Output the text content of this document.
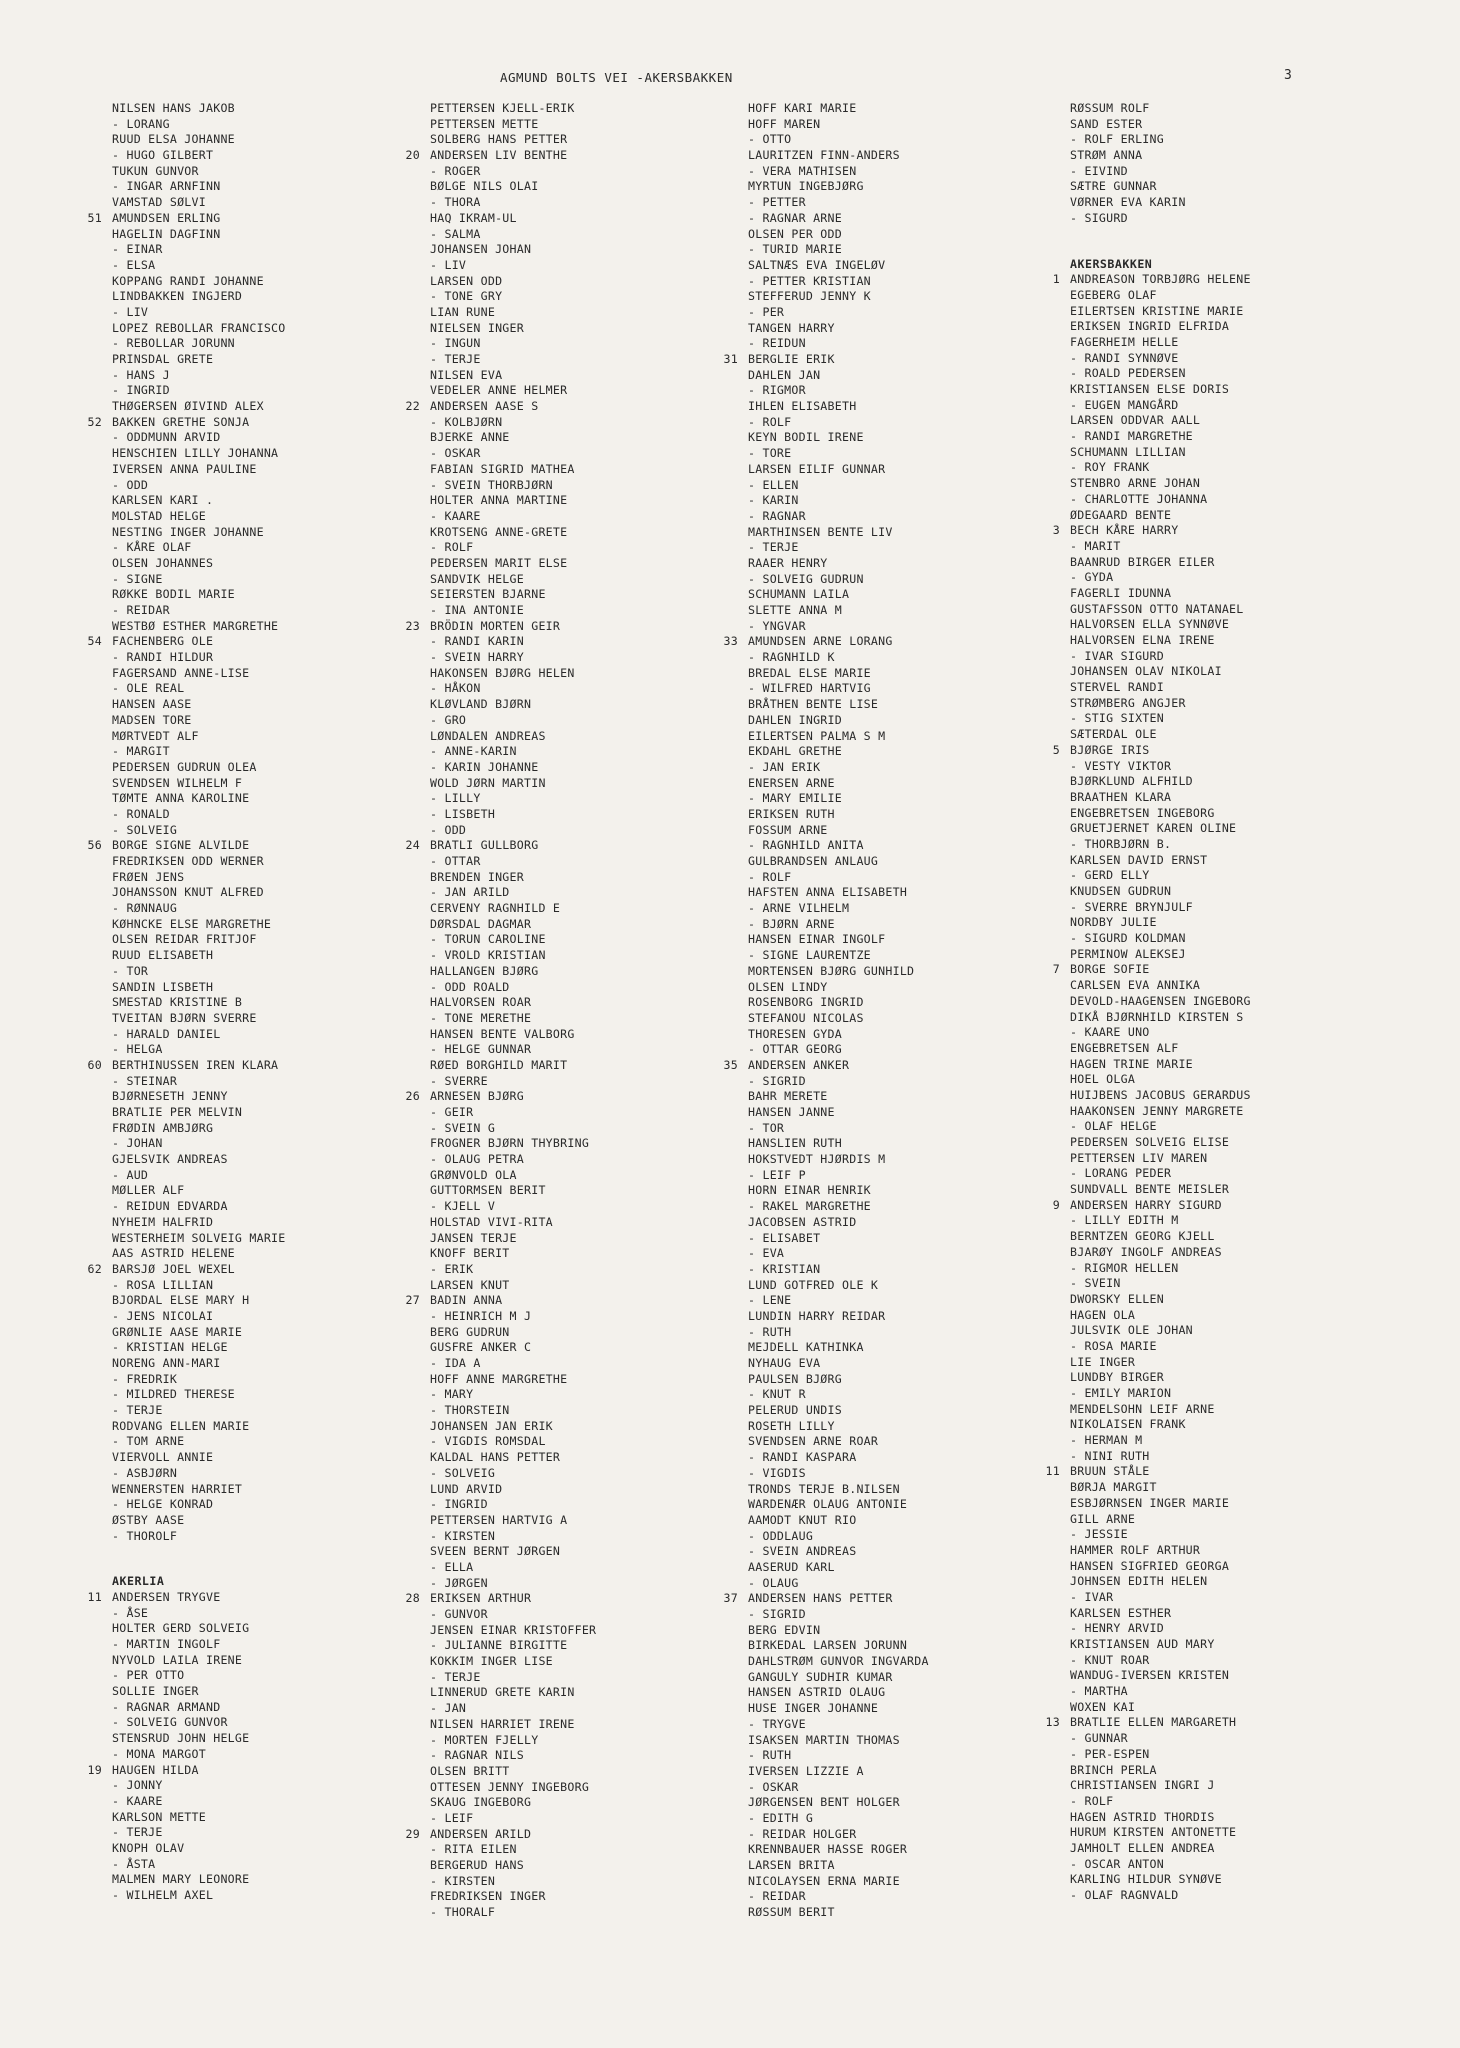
AGMUND BOLTS VEI -AKERSBAKKEN	3
NILSEN HANS JAKOB
- LORANG
RUUD ELSA JOHANNE
- HUGO GILBERT
TUKUN GUNVOR
- INGAR ARNFINN
VAMSTAD SØLVI
51 AMUNDSEN ERLING
HAGELIN DAGFINN
- EINAR
- ELSA
KOPPANG RANDI JOHANNE
LINDBAKKEN INGJERD
- LIV
LOPEZ REBOLLAR FRANCISCO
- REBOLLAR JORUNN
PRINSDAL GRETE
- HANS J
- INGRID
THØGERSEN ØIVIND ALEX
52 BAKKEN GRETHE SONJA
- ODDMUNN ARVID
HENSCHIEN LILLY JOHANNA
IVERSEN ANNA PAULINE
- ODD
KARLSEN KARI .
MOLSTAD HELGE
NESTING INGER JOHANNE
- KÅRE OLAF
OLSEN JOHANNES
- SIGNE
RØKKE BODIL MARIE
- REIDAR
WESTBØ ESTHER MARGRETHE
54 FACHENBERG OLE
- RANDI HILDUR
FAGERSAND ANNE-LISE
- OLE REAL
HANSEN AASE
MADSEN TORE
MØRTVEDT ALF
- MARGIT
PEDERSEN GUDRUN OLEA
SVENDSEN WILHELM F
TØMTE ANNA KAROLINE
- RONALD
- SOLVEIG
56 BORGE SIGNE ALVILDE
FREDRIKSEN ODD WERNER
FRØEN JENS
JOHANSSON KNUT ALFRED
- RØNNAUG
KØHNCKE ELSE MARGRETHE
OLSEN REIDAR FRITJOF
RUUD ELISABETH
- TOR
SANDIN LISBETH
SMESTAD KRISTINE B
TVEITAN BJØRN SVERRE
- HARALD DANIEL
- HELGA
60 BERTHINUSSEN IREN KLARA
- STEINAR
BJØRNESETH JENNY
BRATLIE PER MELVIN
FRØDIN AMBJØRG
- JOHAN
GJELSVIK ANDREAS
- AUD
MØLLER ALF
- REIDUN EDVARDA
NYHEIM HALFRID
WESTERHEIM SOLVEIG MARIE
AAS ASTRID HELENE
62 BARSJØ JOEL WEXEL
- ROSA LILLIAN
BJORDAL ELSE MARY H
- JENS NICOLAI
GRØNLIE AASE MARIE
- KRISTIAN HELGE
NORENG ANN-MARI
- FREDRIK
- MILDRED THERESE
- TERJE
RODVANG ELLEN MARIE
- TOM ARNE
VIERVOLL ANNIE
- ASBJØRN
WENNERSTEN HARRIET
- HELGE KONRAD
ØSTBY AASE
- THOROLF
AKERLIA
11 ANDERSEN TRYGVE
- ÅSE
HOLTER GERD SOLVEIG
- MARTIN INGOLF
NYVOLD LAILA IRENE
- PER OTTO
SOLLIE INGER
- RAGNAR ARMAND
- SOLVEIG GUNVOR
STENSRUD JOHN HELGE
- MONA MARGOT
19 HAUGEN HILDA
- JONNY
- KAARE
KARLSON METTE
- TERJE
KNOPH OLAV
- ÅSTA
MALMEN MARY LEONORE
- WILHELM AXEL
PETTERSEN KJELL-ERIK
PETTERSEN METTE
SOLBERG HANS PETTER
20 ANDERSEN LIV BENTHE
- ROGER
BØLGE NILS OLAI
- THORA
HAQ IKRAM-UL
- SALMA
JOHANSEN JOHAN
- LIV
LARSEN ODD
- TONE GRY
LIAN RUNE
NIELSEN INGER
- INGUN
- TERJE
NILSEN EVA
VEDELER ANNE HELMER
22 ANDERSEN AASE S
- KOLBJØRN
BJERKE ANNE
- OSKAR
FABIAN SIGRID MATHEA
- SVEIN THORBJØRN
HOLTER ANNA MARTINE
- KAARE
KROTSENG ANNE-GRETE
- ROLF
PEDERSEN MARIT ELSE
SANDVIK HELGE
SEIERSTEN BJARNE
- INA ANTONIE
23 BRÖDIN MORTEN GEIR
- RANDI KARIN
- SVEIN HARRY
HAKONSEN BJØRG HELEN
- HÅKON
KLØVLAND BJØRN
- GRO
LØNDALEN ANDREAS
- ANNE-KARIN
- KARIN JOHANNE
WOLD JØRN MARTIN
- LILLY
- LISBETH
- ODD
24 BRATLI GULLBORG
- OTTAR
BRENDEN INGER
- JAN ARILD
CERVENY RAGNHILD E
DØRSDAL DAGMAR
- TORUN CAROLINE
- VROLD KRISTIAN
HALLANGEN BJØRG
- ODD ROALD
HALVORSEN ROAR
- TONE MERETHE
HANSEN BENTE VALBORG
- HELGE GUNNAR
RØED BORGHILD MARIT
- SVERRE
26 ARNESEN BJØRG
- GEIR
- SVEIN G
FROGNER BJØRN THYBRING
- OLAUG PETRA
GRØNVOLD OLA
GUTTORMSEN BERIT
- KJELL V
HOLSTAD VIVI-RITA
JANSEN TERJE
KNOFF BERIT
- ERIK
LARSEN KNUT
27 BADIN ANNA
- HEINRICH M J
BERG GUDRUN
GUSFRE ANKER C
- IDA A
HOFF ANNE MARGRETHE
- MARY
- THORSTEIN
JOHANSEN JAN ERIK
- VIGDIS ROMSDAL
KALDAL HANS PETTER
- SOLVEIG
LUND ARVID
- INGRID
PETTERSEN HARTVIG A
- KIRSTEN
SVEEN BERNT JØRGEN
- ELLA
- JØRGEN
28 ERIKSEN ARTHUR
- GUNVOR
JENSEN EINAR KRISTOFFER
- JULIANNE BIRGITTE
KOKKIM INGER LISE
- TERJE
LINNERUD GRETE KARIN
- JAN
NILSEN HARRIET IRENE
- MORTEN FJELLY
- RAGNAR NILS
OLSEN BRITT
OTTESEN JENNY INGEBORG
SKAUG INGEBORG
- LEIF
29 ANDERSEN ARILD
- RITA EILEN
BERGERUD HANS
- KIRSTEN
FREDRIKSEN INGER
- THORALF
HOFF KARI MARIE
HOFF MAREN
- OTTO
LAURITZEN FINN-ANDERS
- VERA MATHISEN
MYRTUN INGEBJØRG
- PETTER
- RAGNAR ARNE
OLSEN PER ODD
- TURID MARIE
SALTNÆS EVA INGELØV
- PETTER KRISTIAN
STEFFERUD JENNY K
- PER
TANGEN HARRY
- REIDUN
31 BERGLIE ERIK
DAHLEN JAN
- RIGMOR
IHLEN ELISABETH
- ROLF
KEYN BODIL IRENE
- TORE
LARSEN EILIF GUNNAR
- ELLEN
- KARIN
- RAGNAR
MARTHINSEN BENTE LIV
- TERJE
RAAER HENRY
- SOLVEIG GUDRUN
SCHUMANN LAILA
SLETTE ANNA M
- YNGVAR
33 AMUNDSEN ARNE LORANG
- RAGNHILD K
BREDAL ELSE MARIE
- WILFRED HARTVIG
BRÅTHEN BENTE LISE
DAHLEN INGRID
EILERTSEN PALMA S M
EKDAHL GRETHE
- JAN ERIK
ENERSEN ARNE
- MARY EMILIE
ERIKSEN RUTH
FOSSUM ARNE
- RAGNHILD ANITA
GULBRANDSEN ANLAUG
- ROLF
HAFSTEN ANNA ELISABETH
- ARNE VILHELM
- BJØRN ARNE
HANSEN EINAR INGOLF
- SIGNE LAURENTZE
MORTENSEN BJØRG GUNHILD
OLSEN LINDY
ROSENBORG INGRID
STEFANOU NICOLAS
THORESEN GYDA
- OTTAR GEORG
35 ANDERSEN ANKER
- SIGRID
BAHR MERETE
HANSEN JANNE
- TOR
HANSLIEN RUTH
HOKSTVEDT HJØRDIS M
- LEIF P
HORN EINAR HENRIK
- RAKEL MARGRETHE
JACOBSEN ASTRID
- ELISABET
- EVA
- KRISTIAN
LUND GOTFRED OLE K
- LENE
LUNDIN HARRY REIDAR
- RUTH
MEJDELL KATHINKA
NYHAUG EVA
PAULSEN BJØRG
- KNUT R
PELERUD UNDIS
ROSETH LILLY
SVENDSEN ARNE ROAR
- RANDI KASPARA
- VIGDIS
TRONDS TERJE B.NILSEN
WARDENÆR OLAUG ANTONIE
AAMODT KNUT RIO
- ODDLAUG
- SVEIN ANDREAS
AASERUD KARL
- OLAUG
37 ANDERSEN HANS PETTER
- SIGRID
BERG EDVIN
BIRKEDAL LARSEN JORUNN
DAHLSTRØM GUNVOR INGVARDA
GANGULY SUDHIR KUMAR
HANSEN ASTRID OLAUG
HUSE INGER JOHANNE
- TRYGVE
ISAKSEN MARTIN THOMAS
- RUTH
IVERSEN LIZZIE A
- OSKAR
JØRGENSEN BENT HOLGER
- EDITH G
- REIDAR HOLGER
KRENNBAUER HASSE ROGER
LARSEN BRITA
NICOLAYSEN ERNA MARIE
- REIDAR
RØSSUM BERIT
RØSSUM ROLF
SAND ESTER
- ROLF ERLING
STRØM ANNA
- EIVIND
SÆTRE GUNNAR
VØRNER EVA KARIN
- SIGURD
AKERSBAKKEN
1 ANDREASON TORBJØRG HELENE
EGEBERG OLAF
EILERTSEN KRISTINE MARIE
ERIKSEN INGRID ELFRIDA
FAGERHEIM HELLE
- RANDI SYNNØVE
- ROALD PEDERSEN
KRISTIANSEN ELSE DORIS
- EUGEN MANGÅRD
LARSEN ODDVAR AALL
- RANDI MARGRETHE
SCHUMANN LILLIAN
- ROY FRANK
STENBRO ARNE JOHAN
- CHARLOTTE JOHANNA
ØDEGAARD BENTE
3 BECH KÅRE HARRY
- MARIT
BAANRUD BIRGER EILER
- GYDA
FAGERLI IDUNNA
GUSTAFSSON OTTO NATANAEL
HALVORSEN ELLA SYNNØVE
HALVORSEN ELNA IRENE
- IVAR SIGURD
JOHANSEN OLAV NIKOLAI
STERVEL RANDI
STRØMBERG ANGJER
- STIG SIXTEN
SÆTERDAL OLE
5 BJØRGE IRIS
- VESTY VIKTOR
BJØRKLUND ALFHILD
BRAATHEN KLARA
ENGEBRETSEN INGEBORG
GRUETJERNET KAREN OLINE
- THORBJØRN B.
KARLSEN DAVID ERNST
- GERD ELLY
KNUDSEN GUDRUN
- SVERRE BRYNJULF
NORDBY JULIE
- SIGURD KOLDMAN
PERMINOW ALEKSEJ
7 BORGE SOFIE
CARLSEN EVA ANNIKA
DEVOLD-HAAGENSEN INGEBORG
DIKÅ BJØRNHILD KIRSTEN S
- KAARE UNO
ENGEBRETSEN ALF
HAGEN TRINE MARIE
HOEL OLGA
HUIJBENS JACOBUS GERARDUS
HAAKONSEN JENNY MARGRETE
- OLAF HELGE
PEDERSEN SOLVEIG ELISE
PETTERSEN LIV MAREN
- LORANG PEDER
SUNDVALL BENTE MEISLER
9 ANDERSEN HARRY SIGURD
- LILLY EDITH M
BERNTZEN GEORG KJELL
BJARØY INGOLF ANDREAS
- RIGMOR HELLEN
- SVEIN
DWORSKY ELLEN
HAGEN OLA
JULSVIK OLE JOHAN
- ROSA MARIE
LIE INGER
LUNDBY BIRGER
- EMILY MARION
MENDELSOHN LEIF ARNE
NIKOLAISEN FRANK
- HERMAN M
- NINI RUTH
11 BRUUN STÅLE
BØRJA MARGIT
ESBJØRNSEN INGER MARIE
GILL ARNE
- JESSIE
HAMMER ROLF ARTHUR
HANSEN SIGFRIED GEORGA
JOHNSEN EDITH HELEN
- IVAR
KARLSEN ESTHER
- HENRY ARVID
KRISTIANSEN AUD MARY
- KNUT ROAR
WANDUG-IVERSEN KRISTEN
- MARTHA
WOXEN KAI
13 BRATLIE ELLEN MARGARETH
- GUNNAR
- PER-ESPEN
BRINCH PERLA
CHRISTIANSEN INGRI J
- ROLF
HAGEN ASTRID THORDIS
HURUM KIRSTEN ANTONETTE
JAMHOLT ELLEN ANDREA
- OSCAR ANTON
KARLING HILDUR SYNØVE
- OLAF RAGNVALD
